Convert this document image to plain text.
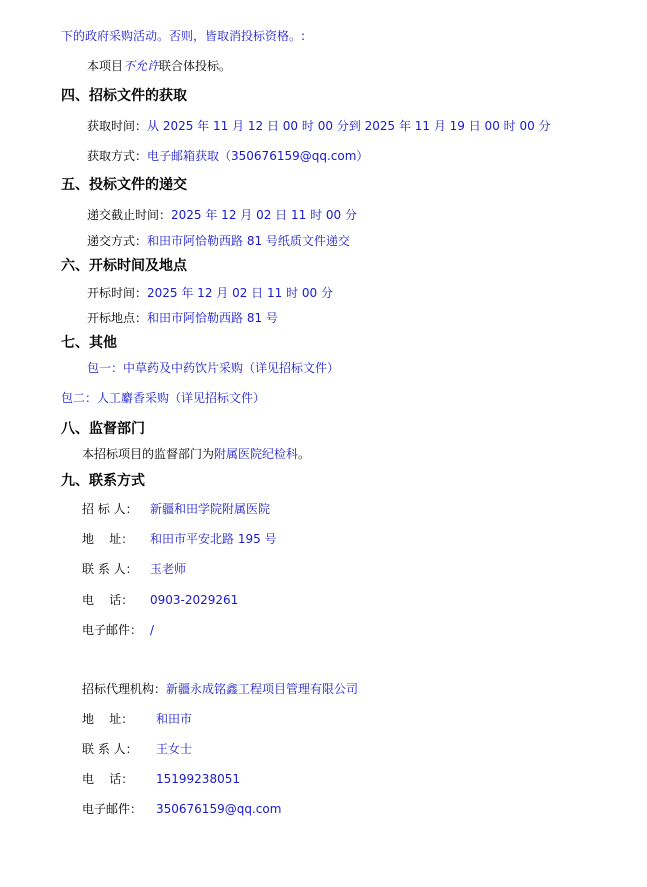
下的政府采购活动。否则，皆取消投标资格。:
本项目不允许联合体投标。
四、招标文件的获取
获取时间：从 2025 年 11 月 12 日 00 时 00 分到 2025 年 11 月 19 日 00 时 00 分
获取方式：电子邮箱获取（350676159@qq.com）
五、投标文件的递交
递交截止时间：2025 年 12 月 02 日 11 时 00 分
递交方式：和田市阿恰勒西路 81 号纸质文件递交
六、开标时间及地点
开标时间：2025 年 12 月 02 日 11 时 00 分
开标地点：和田市阿恰勒西路 81 号
七、其他
包一：中草药及中药饮片采购（详见招标文件）
包二：人工麝香采购（详见招标文件）
八、监督部门
本招标项目的监督部门为附属医院纪检科。
九、联系方式
招 标 人： 新疆和田学院附属医院
地    址： 和田市平安北路 195 号
联 系 人： 玉老师
电    话： 0903-2029261
电子邮件： /
招标代理机构：新疆永成铭鑫工程项目管理有限公司
地    址： 和田市
联 系 人： 王女士
电    话： 15199238051
电子邮件： 350676159@qq.com
